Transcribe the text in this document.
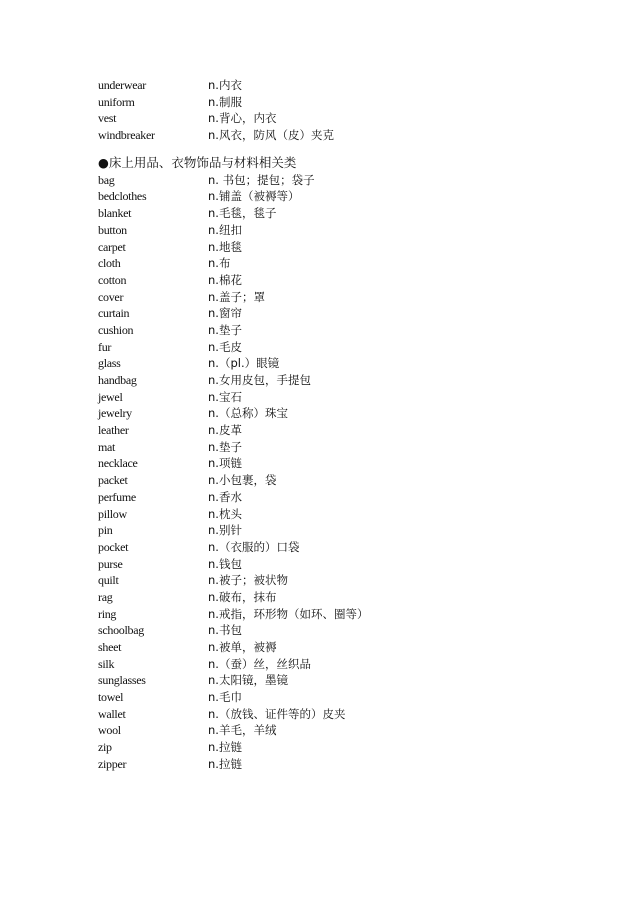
underwear	n.内衣
uniform	n.制服
vest	n.背心，内衣
windbreaker	n.风衣，防风（皮）夹克
●床上用品、衣物饰品与材料相关类
bag	n. 书包；提包；袋子
bedclothes	n.铺盖（被褥等）
blanket	n.毛毯，毯子
button	n.纽扣
carpet	n.地毯
cloth	n.布
cotton	n.棉花
cover	n.盖子；罩
curtain	n.窗帘
cushion	n.垫子
fur	n.毛皮
glass	n.（pl.）眼镜
handbag	n.女用皮包，手提包
jewel	n.宝石
jewelry	n.（总称）珠宝
leather	n.皮革
mat	n.垫子
necklace	n.项链
packet	n.小包裹，袋
perfume	n.香水
pillow	n.枕头
pin	n.别针
pocket	n.（衣服的）口袋
purse	n.钱包
quilt	n.被子；被状物
rag	n.破布，抹布
ring	n.戒指，环形物（如环、圈等）
schoolbag	n.书包
sheet	n.被单，被褥
silk	n.（蚕）丝，丝织品
sunglasses	n.太阳镜，墨镜
towel	n.毛巾
wallet	n.（放钱、证件等的）皮夹
wool	n.羊毛，羊绒
zip	n.拉链
zipper	n.拉链
